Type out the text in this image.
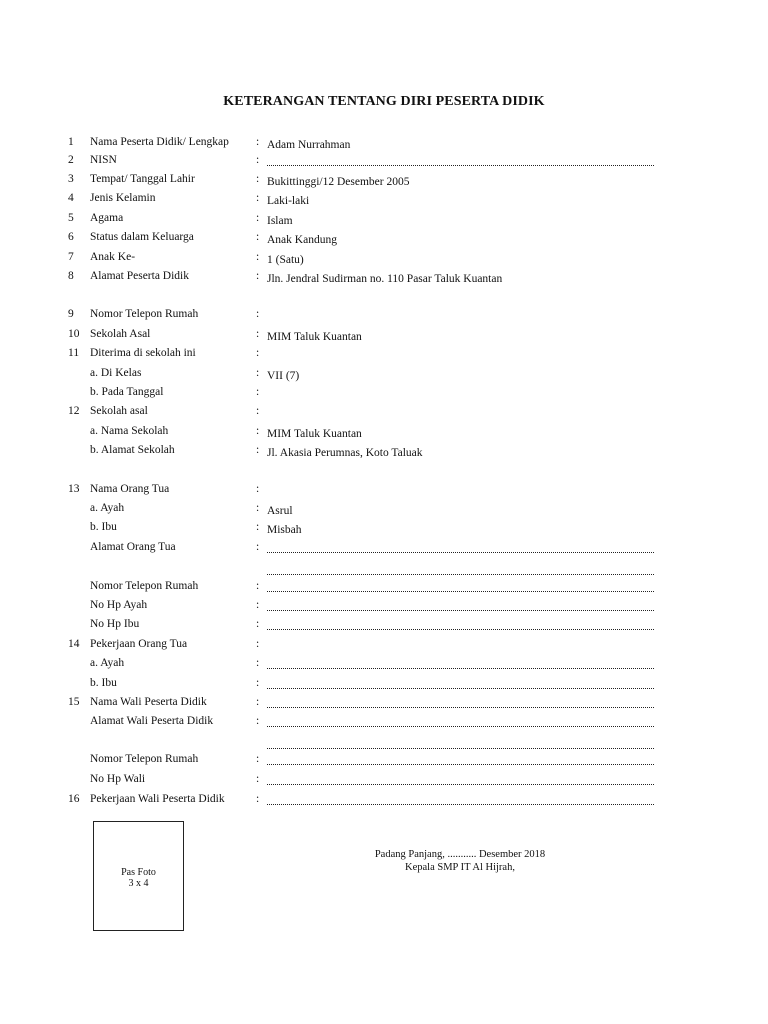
KETERANGAN TENTANG DIRI PESERTA DIDIK
1 Nama Peserta Didik/ Lengkap : Adam Nurrahman
2 NISN	:
3 Tempat/ Tanggal Lahir	: Bukittinggi/12 Desember 2005
4 Jenis Kelamin	: Laki-laki
5 Agama	: Islam
6 Status dalam Keluarga	: Anak Kandung
7 Anak Ke-	: 1 (Satu)
8 Alamat Peserta Didik	: Jln. Jendral Sudirman no. 110 Pasar Taluk Kuantan
9 Nomor Telepon Rumah	:
10 Sekolah Asal	: MIM Taluk Kuantan
11 Diterima di sekolah ini	:
a. Di Kelas	: VII (7)
b. Pada Tanggal	:
12 Sekolah asal	:
a. Nama Sekolah	: MIM Taluk Kuantan
b. Alamat Sekolah	: Jl. Akasia Perumnas, Koto Taluak
13 Nama Orang Tua	:
a. Ayah	: Asrul
b. Ibu	: Misbah
Alamat Orang Tua	:
Nomor Telepon Rumah	:
No Hp Ayah	:
No Hp Ibu	:
14 Pekerjaan Orang Tua	:
a. Ayah	:
b. Ibu	:
15 Nama Wali Peserta Didik	:
Alamat Wali Peserta Didik	:
Nomor Telepon Rumah	:
No Hp Wali	:
16 Pekerjaan Wali Peserta Didik	:
Pas Foto
3 x 4
Padang Panjang, ........... Desember 2018
Kepala SMP IT Al Hijrah,
